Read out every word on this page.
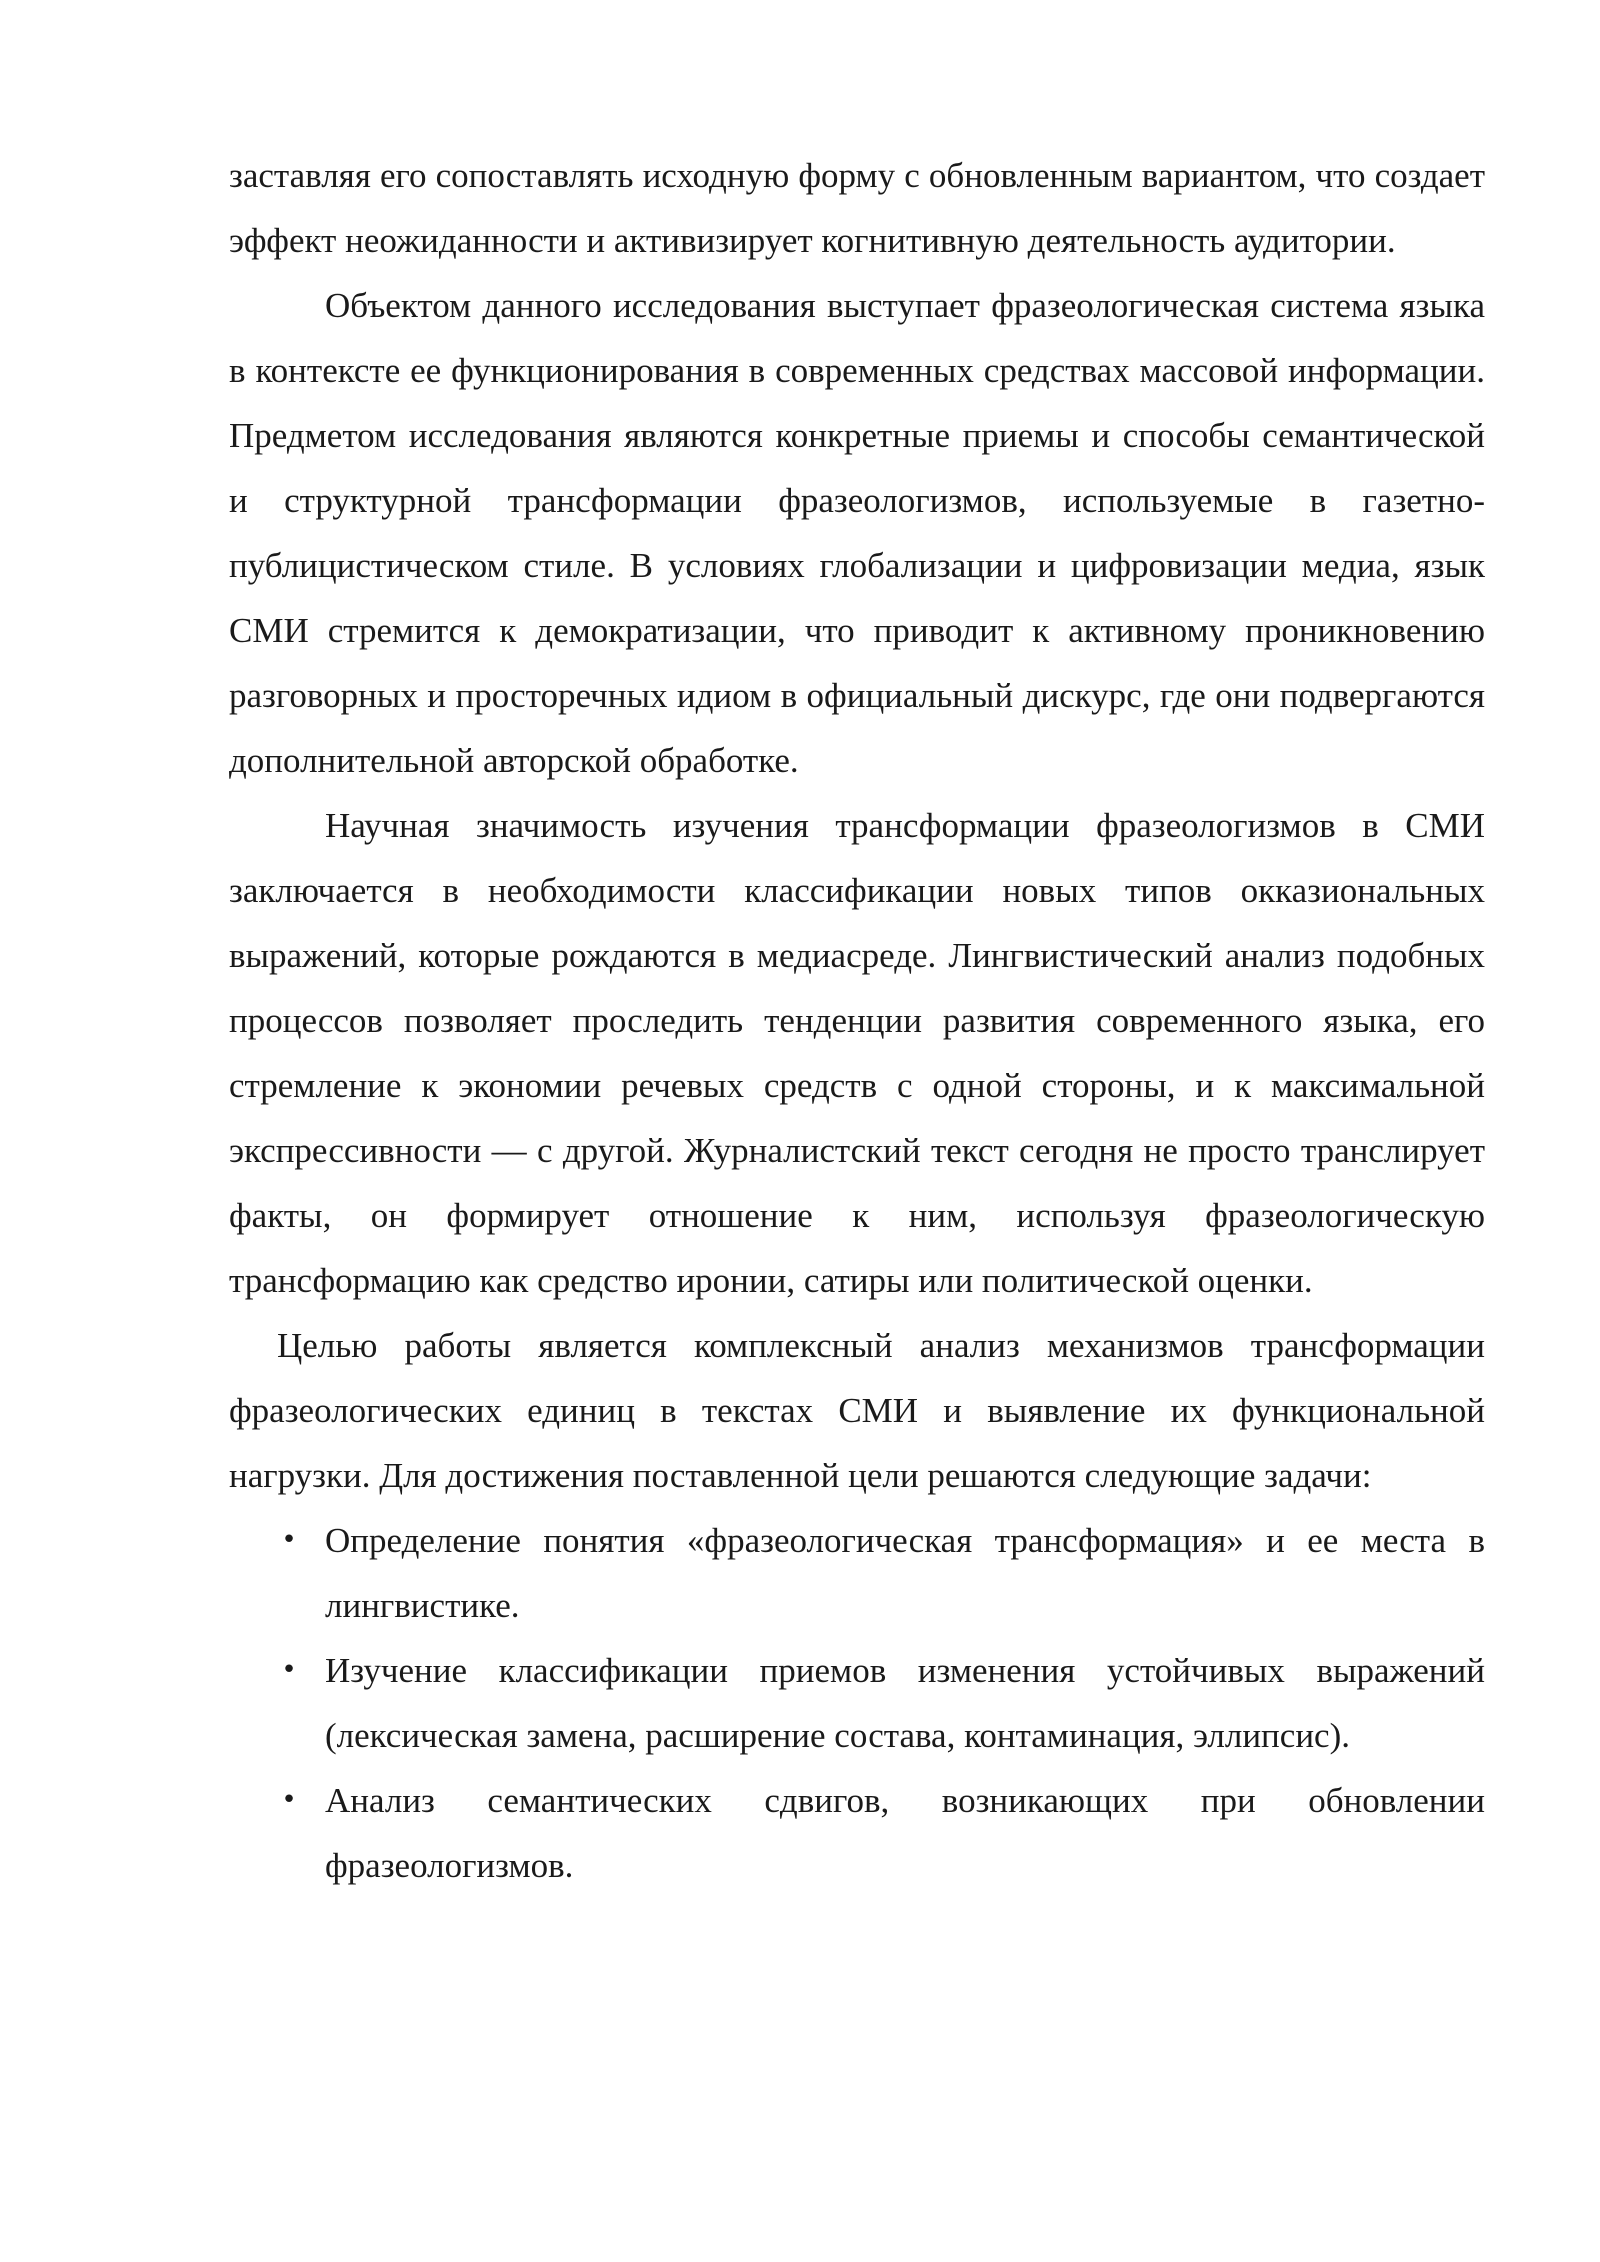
заставляя его сопоставлять исходную форму с обновленным вариантом, что создает эффект неожиданности и активизирует когнитивную деятельность аудитории.

Объектом данного исследования выступает фразеологическая система языка в контексте ее функционирования в современных средствах массовой информации. Предметом исследования являются конкретные приемы и способы семантической и структурной трансформации фразеологизмов, используемые в газетно-публицистическом стиле. В условиях глобализации и цифровизации медиа, язык СМИ стремится к демократизации, что приводит к активному проникновению разговорных и просторечных идиом в официальный дискурс, где они подвергаются дополнительной авторской обработке.

Научная значимость изучения трансформации фразеологизмов в СМИ заключается в необходимости классификации новых типов окказиональных выражений, которые рождаются в медиасреде. Лингвистический анализ подобных процессов позволяет проследить тенденции развития современного языка, его стремление к экономии речевых средств с одной стороны, и к максимальной экспрессивности — с другой. Журналистский текст сегодня не просто транслирует факты, он формирует отношение к ним, используя фразеологическую трансформацию как средство иронии, сатиры или политической оценки.

Целью работы является комплексный анализ механизмов трансформации фразеологических единиц в текстах СМИ и выявление их функциональной нагрузки. Для достижения поставленной цели решаются следующие задачи:

• Определение понятия «фразеологическая трансформация» и ее места в лингвистике.
• Изучение классификации приемов изменения устойчивых выражений (лексическая замена, расширение состава, контаминация, эллипсис).
• Анализ семантических сдвигов, возникающих при обновлении фразеологизмов.
